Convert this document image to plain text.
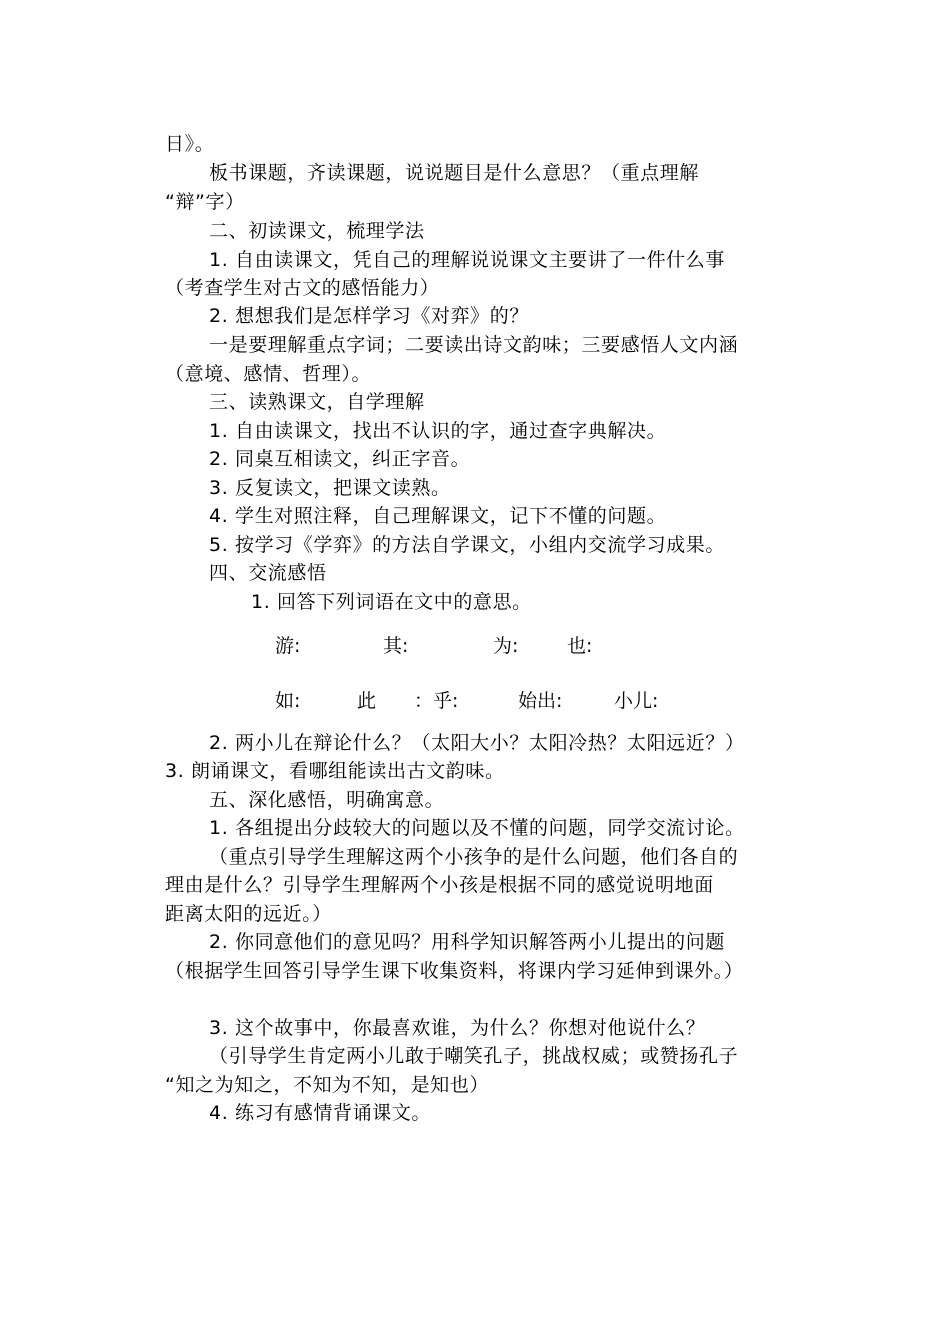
日》。
板书课题，齐读课题，说说题目是什么意思？（重点理解
“辩”字）
二、初读课文，梳理学法
1. 自由读课文，凭自己的理解说说课文主要讲了一件什么事
（考查学生对古文的感悟能力）
2. 想想我们是怎样学习《对弈》的？
一是要理解重点字词；二要读出诗文韵味；三要感悟人文内涵
（意境、感情、哲理）。
三、读熟课文，自学理解
1. 自由读课文，找出不认识的字，通过查字典解决。
2. 同桌互相读文，纠正字音。
3. 反复读文，把课文读熟。
4. 学生对照注释，自己理解课文，记下不懂的问题。
5. 按学习《学弈》的方法自学课文，小组内交流学习成果。
四、交流感悟
1. 回答下列词语在文中的意思。
游:	其:	为:	也:
如:	此 ：乎:	始出:	小儿:
2. 两小儿在辩论什么？（太阳大小？太阳冷热？太阳远近？）
3. 朗诵课文，看哪组能读出古文韵味。
五、深化感悟，明确寓意。
1. 各组提出分歧较大的问题以及不懂的问题，同学交流讨论。
（重点引导学生理解这两个小孩争的是什么问题，他们各自的
理由是什么？引导学生理解两个小孩是根据不同的感觉说明地面
距离太阳的远近。）
2. 你同意他们的意见吗？用科学知识解答两小儿提出的问题
（根据学生回答引导学生课下收集资料，将课内学习延伸到课外。）
3. 这个故事中，你最喜欢谁，为什么？你想对他说什么？
（引导学生肯定两小儿敢于嘲笑孔子，挑战权威；或赞扬孔子
“知之为知之，不知为不知，是知也）
4. 练习有感情背诵课文。
